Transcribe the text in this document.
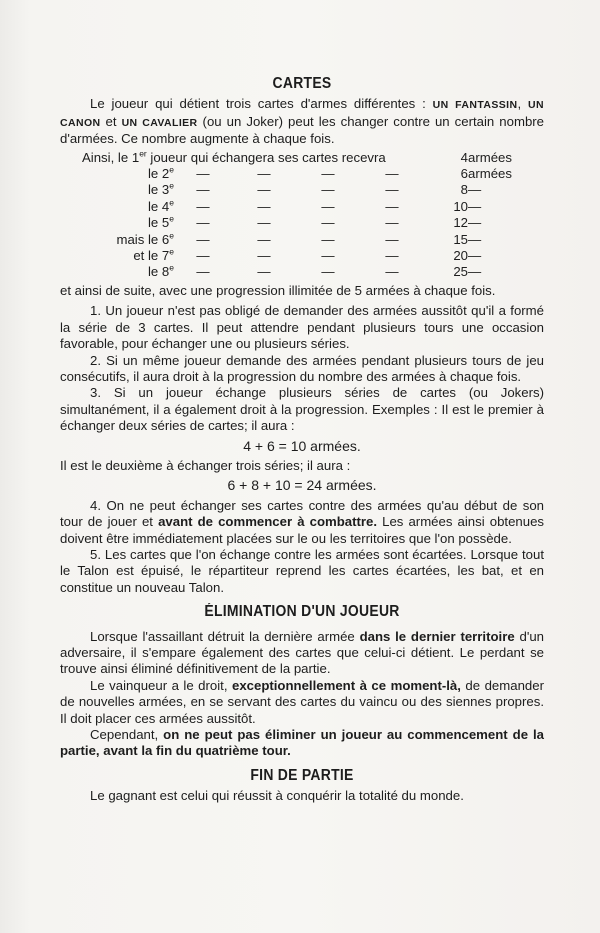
CARTES

Le joueur qui détient trois cartes d'armes différentes : UN FANTASSIN, UN CANON et UN CAVALIER (ou un Joker) peut les changer contre un certain nombre d'armées. Ce nombre augmente à chaque fois.

Ainsi, le 1er joueur qui échangera ses cartes recevra					4	armées
le 2e	—	—	—	—	6	armées
le 3e	—	—	—	—	8	—
le 4e	—	—	—	—	10	—
le 5e	—	—	—	—	12	—
mais le 6e	—	—	—	—	15	—
et le 7e	—	—	—	—	20	—
le 8e	—	—	—	—	25	—

et ainsi de suite, avec une progression illimitée de 5 armées à chaque fois.

1. Un joueur n'est pas obligé de demander des armées aussitôt qu'il a formé la série de 3 cartes. Il peut attendre pendant plusieurs tours une occasion favorable, pour échanger une ou plusieurs séries.

2. Si un même joueur demande des armées pendant plusieurs tours de jeu consécutifs, il aura droit à la progression du nombre des armées à chaque fois.

3. Si un joueur échange plusieurs séries de cartes (ou Jokers) simultanément, il a également droit à la progression. Exemples : Il est le premier à échanger deux séries de cartes; il aura :

4 + 6 = 10 armées.

Il est le deuxième à échanger trois séries; il aura :

6 + 8 + 10 = 24 armées.

4. On ne peut échanger ses cartes contre des armées qu'au début de son tour de jouer et avant de commencer à combattre. Les armées ainsi obtenues doivent être immédiatement placées sur le ou les territoires que l'on possède.

5. Les cartes que l'on échange contre les armées sont écartées. Lorsque tout le Talon est épuisé, le répartiteur reprend les cartes écartées, les bat, et en constitue un nouveau Talon.

ÉLIMINATION D'UN JOUEUR

Lorsque l'assaillant détruit la dernière armée dans le dernier territoire d'un adversaire, il s'empare également des cartes que celui-ci détient. Le perdant se trouve ainsi éliminé définitivement de la partie.

Le vainqueur a le droit, exceptionnellement à ce moment-là, de demander de nouvelles armées, en se servant des cartes du vaincu ou des siennes propres. Il doit placer ces armées aussitôt.

Cependant, on ne peut pas éliminer un joueur au commencement de la partie, avant la fin du quatrième tour.

FIN DE PARTIE

Le gagnant est celui qui réussit à conquérir la totalité du monde.
